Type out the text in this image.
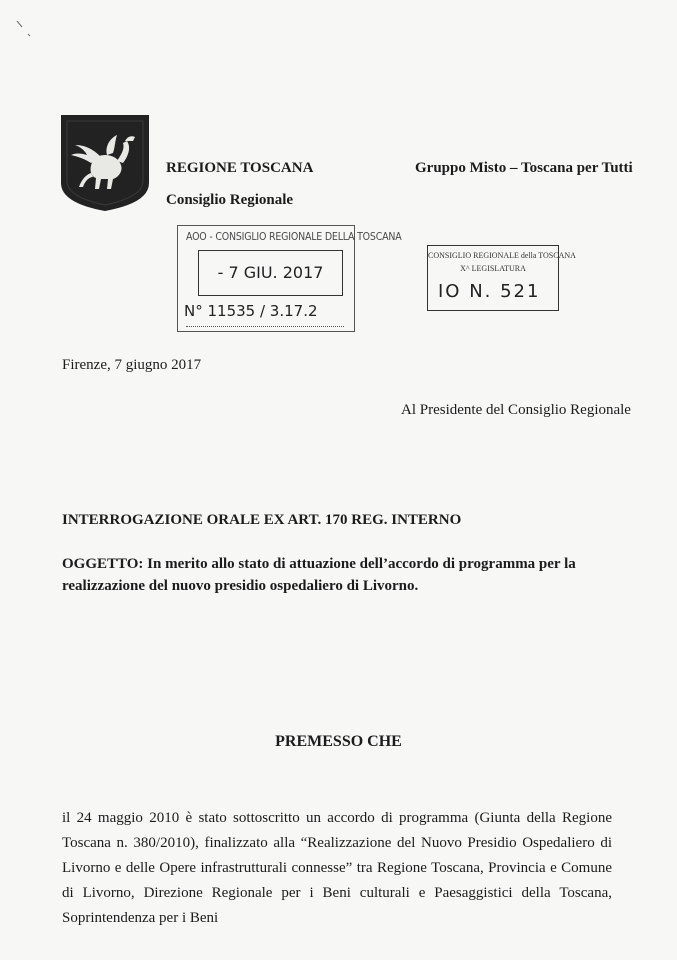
REGIONE TOSCANA
Consiglio Regionale
Gruppo Misto – Toscana per Tutti
AOO - CONSIGLIO REGIONALE DELLA TOSCANA
- 7 GIU. 2017
N° 11535 / 3.17.2
CONSIGLIO REGIONALE della TOSCANA
X^ LEGISLATURA
IO N. 521
Firenze, 7 giugno 2017
Al Presidente del Consiglio Regionale
INTERROGAZIONE ORALE EX ART. 170 REG. INTERNO
OGGETTO: In merito allo stato di attuazione dell’accordo di programma per la realizzazione del nuovo presidio ospedaliero di Livorno.
PREMESSO CHE
il 24 maggio 2010 è stato sottoscritto un accordo di programma (Giunta della Regione Toscana n. 380/2010), finalizzato alla “Realizzazione del Nuovo Presidio Ospedaliero di Livorno e delle Opere infrastrutturali connesse” tra Regione Toscana, Provincia e Comune di Livorno, Direzione Regionale per i Beni culturali e Paesaggistici della Toscana, Soprintendenza per i Beni
